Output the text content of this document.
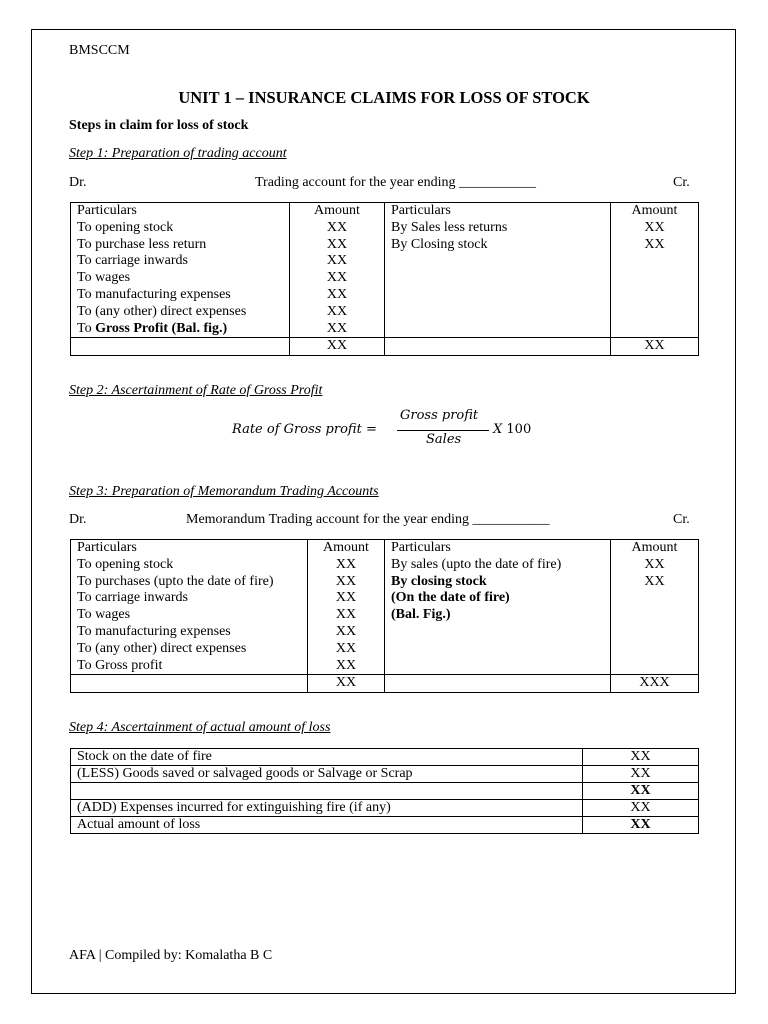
BMSCCM
UNIT 1 – INSURANCE CLAIMS FOR LOSS OF STOCK
Steps in claim for loss of stock
Step 1: Preparation of trading account
Dr.	Trading account for the year ending ___________	Cr.
Particulars	Amount	Particulars	Amount
To opening stock	XX	By Sales less returns	XX
To purchase less return	XX	By Closing stock	XX
To carriage inwards	XX		
To wages	XX		
To manufacturing expenses	XX		
To (any other) direct expenses	XX		
To Gross Profit (Bal. fig.)	XX		
	XX		XX
Step 2: Ascertainment of Rate of Gross Profit
Rate of Gross profit =
Gross profit
Sales
X 100
Step 3: Preparation of Memorandum Trading Accounts
Dr.	Memorandum Trading account for the year ending ___________	Cr.
Particulars	Amount	Particulars	Amount
To opening stock	XX	By sales (upto the date of fire)	XX
To purchases (upto the date of fire)	XX	By closing stock	XX
To carriage inwards	XX	(On the date of fire)	
To wages	XX	(Bal. Fig.)	
To manufacturing expenses	XX		
To (any other) direct expenses	XX		
To Gross profit	XX		
	XX		XXX
Step 4: Ascertainment of actual amount of loss
Stock on the date of fire	XX
(LESS) Goods saved or salvaged goods or Salvage or Scrap	XX
	XX
(ADD) Expenses incurred for extinguishing fire (if any)	XX
Actual amount of loss	XX
AFA | Compiled by: Komalatha B C
